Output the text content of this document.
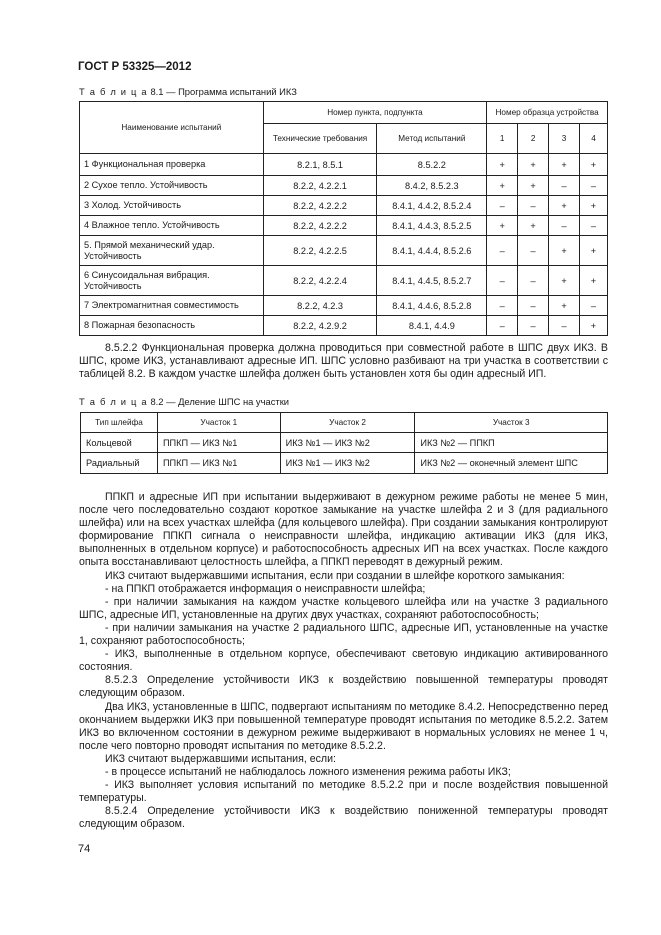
ГОСТ Р 53325—2012
Т а б л и ц а 8.1 — Программа испытаний ИКЗ
Наименование испытаний	Номер пункта, подпункта		Номер образца устройства			
	Технические требования	Метод испытаний	1	2	3	4
1 Функциональная проверка	8.2.1, 8.5.1	8.5.2.2	+	+	+	+
2 Сухое тепло. Устойчивость	8.2.2, 4.2.2.1	8.4.2, 8.5.2.3	+	+	–	–
3 Холод. Устойчивость	8.2.2, 4.2.2.2	8.4.1, 4.4.2, 8.5.2.4	–	–	+	+
4 Влажное тепло. Устойчивость	8.2.2, 4.2.2.2	8.4.1, 4.4.3, 8.5.2.5	+	+	–	–
5. Прямой механический удар. Устойчивость	8.2.2, 4.2.2.5	8.4.1, 4.4.4, 8.5.2.6	–	–	+	+
6 Синусоидальная вибрация. Устойчивость	8.2.2, 4.2.2.4	8.4.1, 4.4.5, 8.5.2.7	–	–	+	+
7 Электромагнитная совместимость	8.2.2, 4.2.3	8.4.1, 4.4.6, 8.5.2.8	–	–	+	–
8 Пожарная безопасность	8.2.2, 4.2.9.2	8.4.1, 4.4.9	–	–	–	+

8.5.2.2 Функциональная проверка должна проводиться при совместной работе в ШПС двух ИКЗ. В ШПС, кроме ИКЗ, устанавливают адресные ИП. ШПС условно разбивают на три участка в соответствии с таблицей 8.2. В каждом участке шлейфа должен быть установлен хотя бы один адресный ИП.

Т а б л и ц а 8.2 — Деление ШПС на участки
Тип шлейфа	Участок 1	Участок 2	Участок 3
Кольцевой	ППКП — ИКЗ №1	ИКЗ №1 — ИКЗ №2	ИКЗ №2 — ППКП
Радиальный	ППКП — ИКЗ №1	ИКЗ №1 — ИКЗ №2	ИКЗ №2 — оконечный элемент ШПС

ППКП и адресные ИП при испытании выдерживают в дежурном режиме работы не менее 5 мин, после чего последовательно создают короткое замыкание на участке шлейфа 2 и 3 (для радиального шлейфа) или на всех участках шлейфа (для кольцевого шлейфа). При создании замыкания контролируют формирование ППКП сигнала о неисправности шлейфа, индикацию активации ИКЗ (для ИКЗ, выполненных в отдельном корпусе) и работоспособность адресных ИП на всех участках. После каждого опыта восстанавливают целостность шлейфа, а ППКП переводят в дежурный режим.

ИКЗ считают выдержавшими испытания, если при создании в шлейфе короткого замыкания:

- на ППКП отображается информация о неисправности шлейфа;

- при наличии замыкания на каждом участке кольцевого шлейфа или на участке 3 радиального ШПС, адресные ИП, установленные на других двух участках, сохраняют работоспособность;

- при наличии замыкания на участке 2 радиального ШПС, адресные ИП, установленные на участке 1, сохраняют работоспособность;

- ИКЗ, выполненные в отдельном корпусе, обеспечивают световую индикацию активированного состояния.

8.5.2.3 Определение устойчивости ИКЗ к воздействию повышенной температуры проводят следующим образом.

Два ИКЗ, установленные в ШПС, подвергают испытаниям по методике 8.4.2. Непосредственно перед окончанием выдержки ИКЗ при повышенной температуре проводят испытания по методике 8.5.2.2. Затем ИКЗ во включенном состоянии в дежурном режиме выдерживают в нормальных условиях не менее 1 ч, после чего повторно проводят испытания по методике 8.5.2.2.

ИКЗ считают выдержавшими испытания, если:

- в процессе испытаний не наблюдалось ложного изменения режима работы ИКЗ;

- ИКЗ выполняет условия испытаний по методике 8.5.2.2 при и после воздействия повышенной температуры.

8.5.2.4 Определение устойчивости ИКЗ к воздействию пониженной температуры проводят следующим образом.

74
